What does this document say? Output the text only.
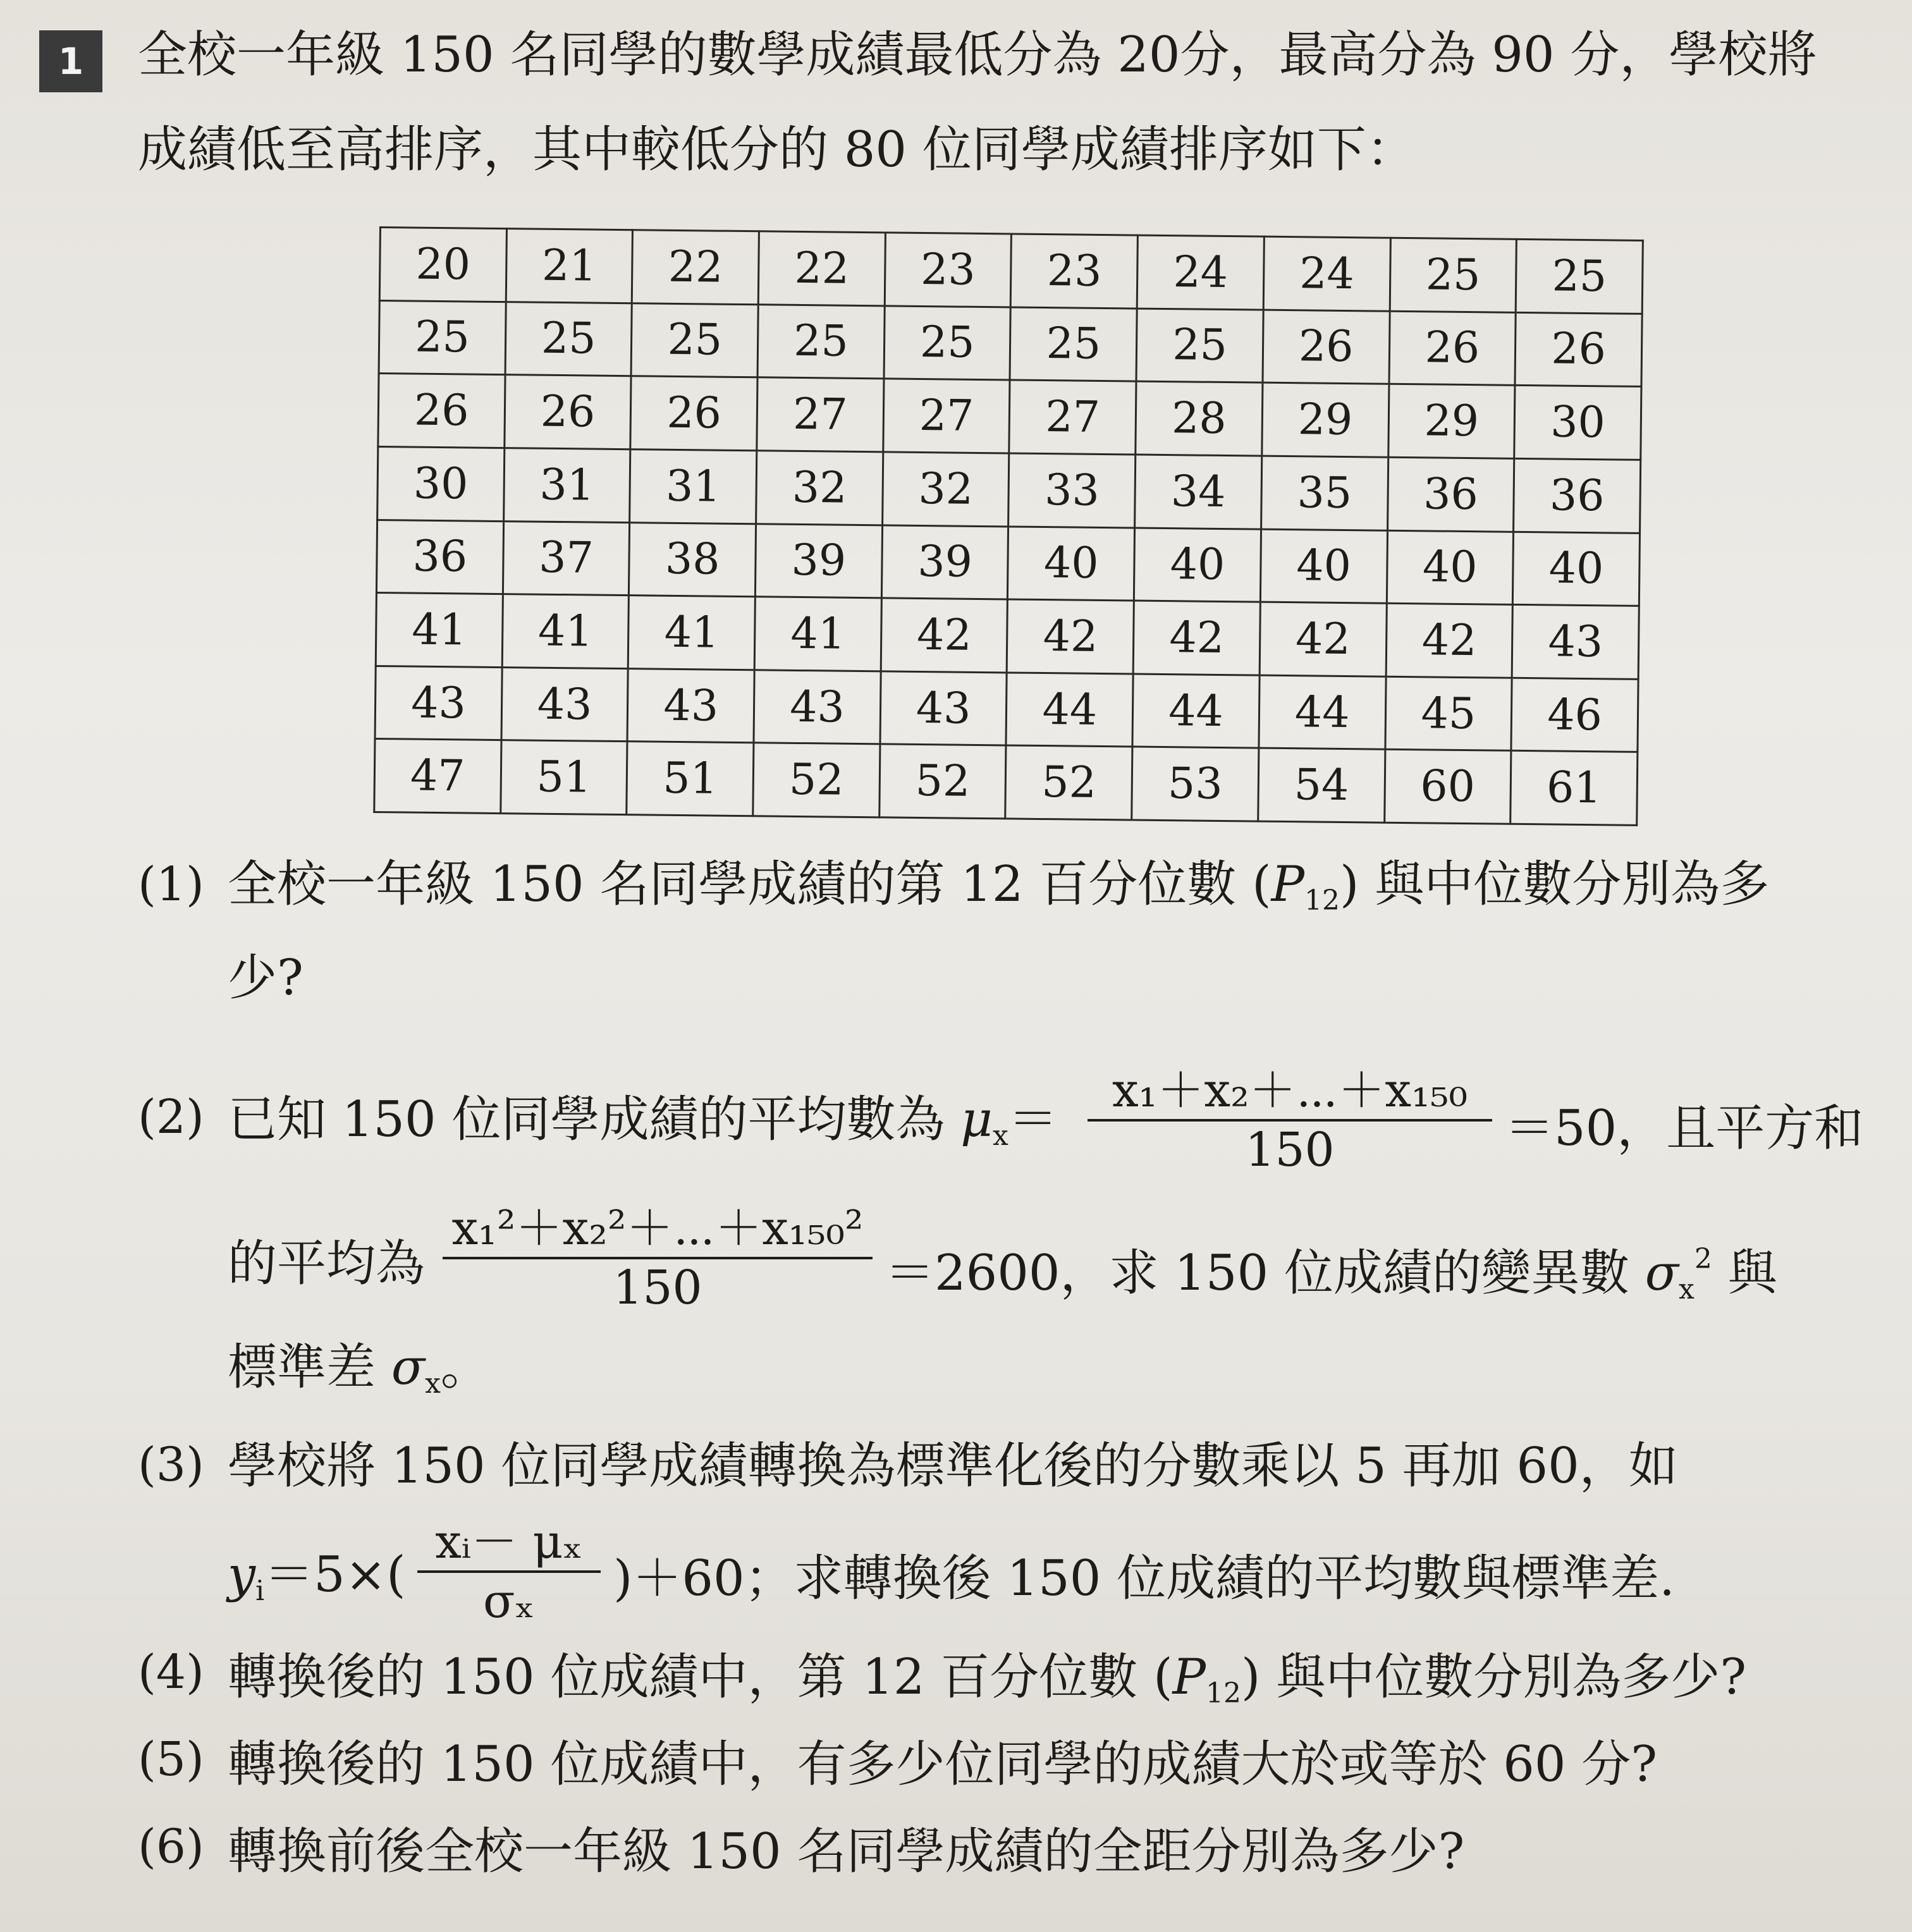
1	全校一年級 150 名同學的數學成績最低分為 20分，最高分為 90 分，學校將
成績低至高排序，其中較低分的 80 位同學成績排序如下：
20	21	22	22	23	23	24	24	25	25
25	25	25	25	25	25	25	26	26	26
26	26	26	27	27	27	28	29	29	30
30	31	31	32	32	33	34	35	36	36
36	37	38	39	39	40	40	40	40	40
41	41	41	41	42	42	42	42	42	43
43	43	43	43	43	44	44	44	45	46
47	51	51	52	52	52	53	54	60	61
(1) 全校一年級 150 名同學成績的第 12 百分位數 $(P_{12})$ 與中位數分別為多
少?
(2) 已知 150 位同學成績的平均數為 $\mu_x=$
x₁＋x₂＋⋯＋x₁₅₀
150	＝50，且平方和
的平均為
x₁²＋x₂²＋⋯＋x₁₅₀²
150	＝2600，求 150 位成績的變異數 $\sigma_x^2$ 與
標準差 $\sigma_x$。
(3) 學校將 150 位同學成績轉換為標準化後的分數乘以 5 再加 60，如
$y_i=5\times$(
xᵢ－ μₓ
σₓ	)＋60；求轉換後 150 位成績的平均數與標準差.
(4) 轉換後的 150 位成績中，第 12 百分位數 $(P_{12})$ 與中位數分別為多少?
(5) 轉換後的 150 位成績中，有多少位同學的成績大於或等於 60 分?
(6) 轉換前後全校一年級 150 名同學成績的全距分別為多少?
